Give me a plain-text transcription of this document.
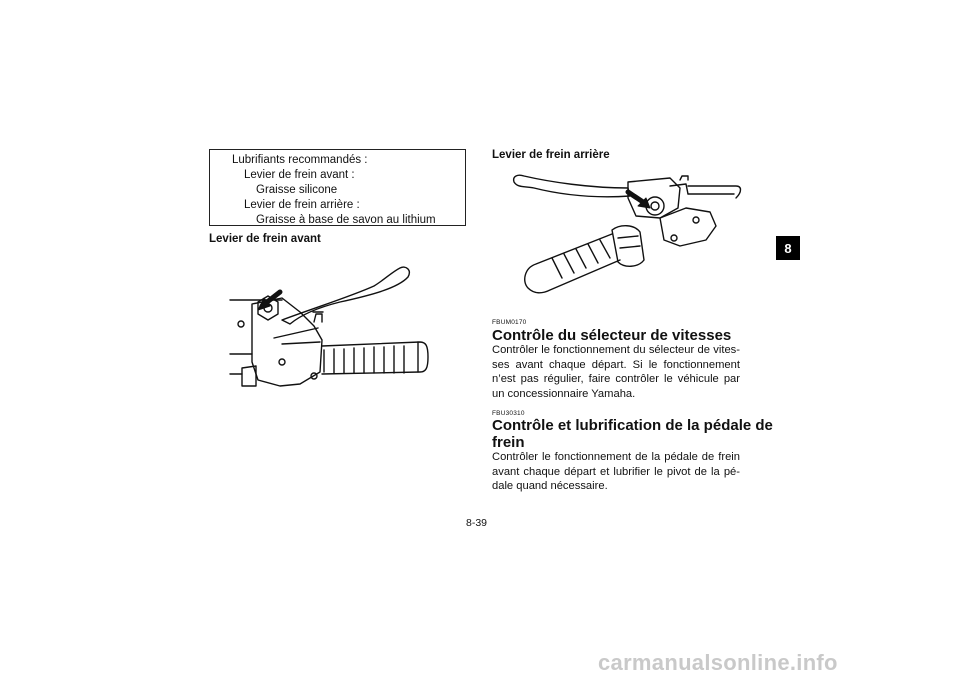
Lubrifiants recommandés :
Levier de frein avant :
Graisse silicone
Levier de frein arrière :
Graisse à base de savon au lithium
Levier de frein avant
Levier de frein arrière
FBUM0170
Contrôle du sélecteur de vitesses
Contrôler le fonctionnement du sélecteur de vites-ses avant chaque départ. Si le fonctionnement n’est pas régulier, faire contrôler le véhicule par un concessionnaire Yamaha.
FBU30310
Contrôle et lubrification de la pédale de
frein
Contrôler le fonctionnement de la pédale de frein avant chaque départ et lubrifier le pivot de la pé-dale quand nécessaire.
8-39
8
carmanualsonline.info
